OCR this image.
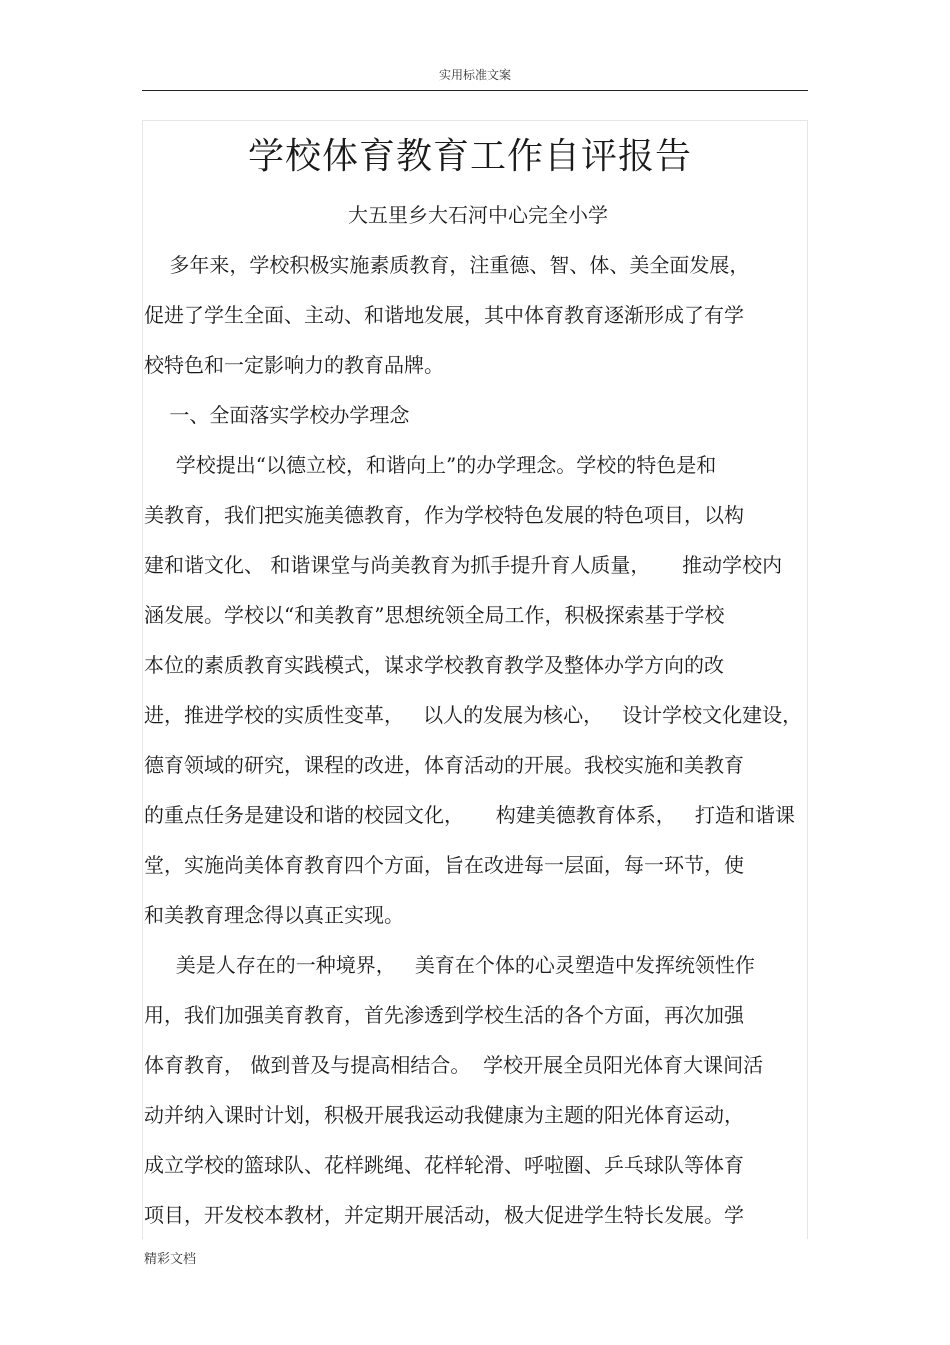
实用标准文案
学校体育教育工作自评报告
大五里乡大石河中心完全小学
多年来，学校积极实施素质教育，注重德、智、体、美全面发展，
促进了学生全面、主动、和谐地发展，其中体育教育逐渐形成了有学
校特色和一定影响力的教育品牌。
一、全面落实学校办学理念
学校提出“以德立校，和谐向上”的办学理念。学校的特色是和
美教育，我们把实施美德教育，作为学校特色发展的特色项目，以构
建和谐文化、 和谐课堂与尚美教育为抓手提升育人质量，     推动学校内
涵发展。学校以“和美教育”思想统领全局工作，积极探索基于学校
本位的素质教育实践模式，谋求学校教育教学及整体办学方向的改
进，推进学校的实质性变革，   以人的发展为核心，   设计学校文化建设，
德育领域的研究，课程的改进，体育活动的开展。我校实施和美教育
的重点任务是建设和谐的校园文化，     构建美德教育体系，   打造和谐课
堂，实施尚美体育教育四个方面，旨在改进每一层面，每一环节，使
和美教育理念得以真正实现。
美是人存在的一种境界，   美育在个体的心灵塑造中发挥统领性作
用，我们加强美育教育，首先渗透到学校生活的各个方面，再次加强
体育教育， 做到普及与提高相结合。  学校开展全员阳光体育大课间活
动并纳入课时计划，积极开展我运动我健康为主题的阳光体育运动，
成立学校的篮球队、花样跳绳、花样轮滑、呼啦圈、乒乓球队等体育
项目，开发校本教材，并定期开展活动，极大促进学生特长发展。学
精彩文档
